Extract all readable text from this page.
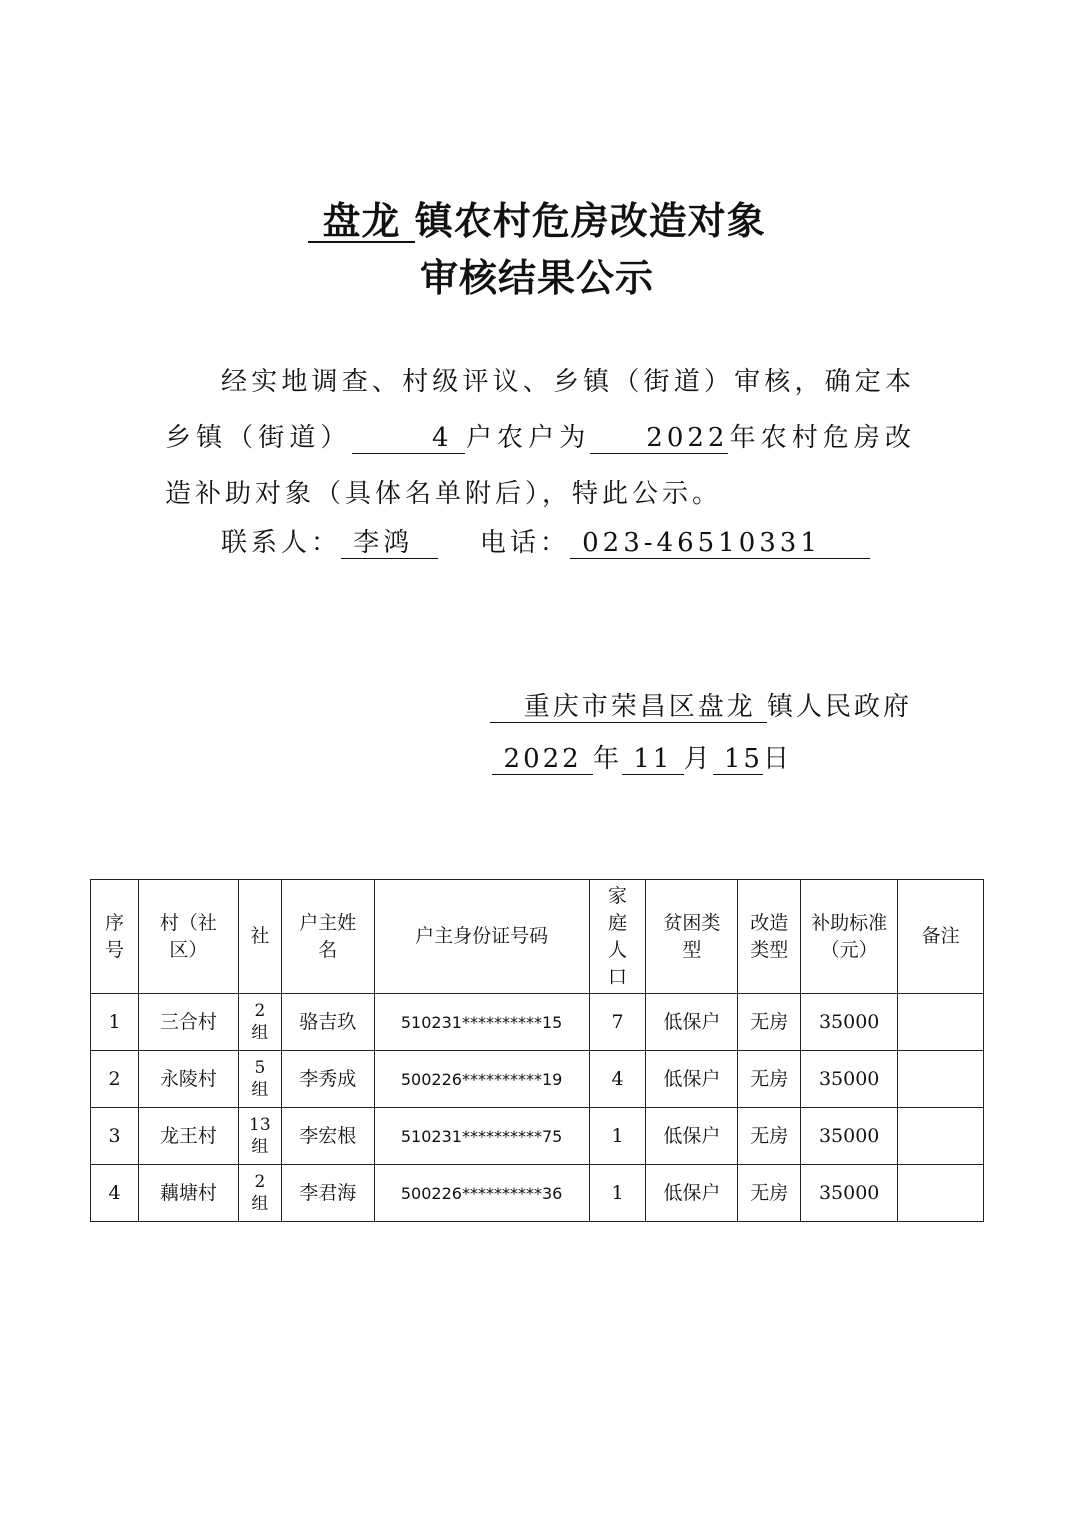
盘龙 镇农村危房改造对象
审核结果公示
经实地调查、村级评议、乡镇（街道）审核，确定本乡镇（街道）	4 户农户为 2022年农村危房改造补助对象（具体名单附后），特此公示。
联系人： 李鸿	电话： 023-46510331
重庆市荣昌区盘龙 镇人民政府
2022 年 11 月 15日
序号	村（社区）	社	户主姓名	户主身份证号码	家庭人口	贫困类型	改造类型	补助标准（元）	备注
1	三合村	2组	骆吉玖	510231**********15	7	低保户	无房	35000	
2	永陵村	5组	李秀成	500226**********19	4	低保户	无房	35000	
3	龙王村	13组	李宏根	510231**********75	1	低保户	无房	35000	
4	藕塘村	2组	李君海	500226**********36	1	低保户	无房	35000	
